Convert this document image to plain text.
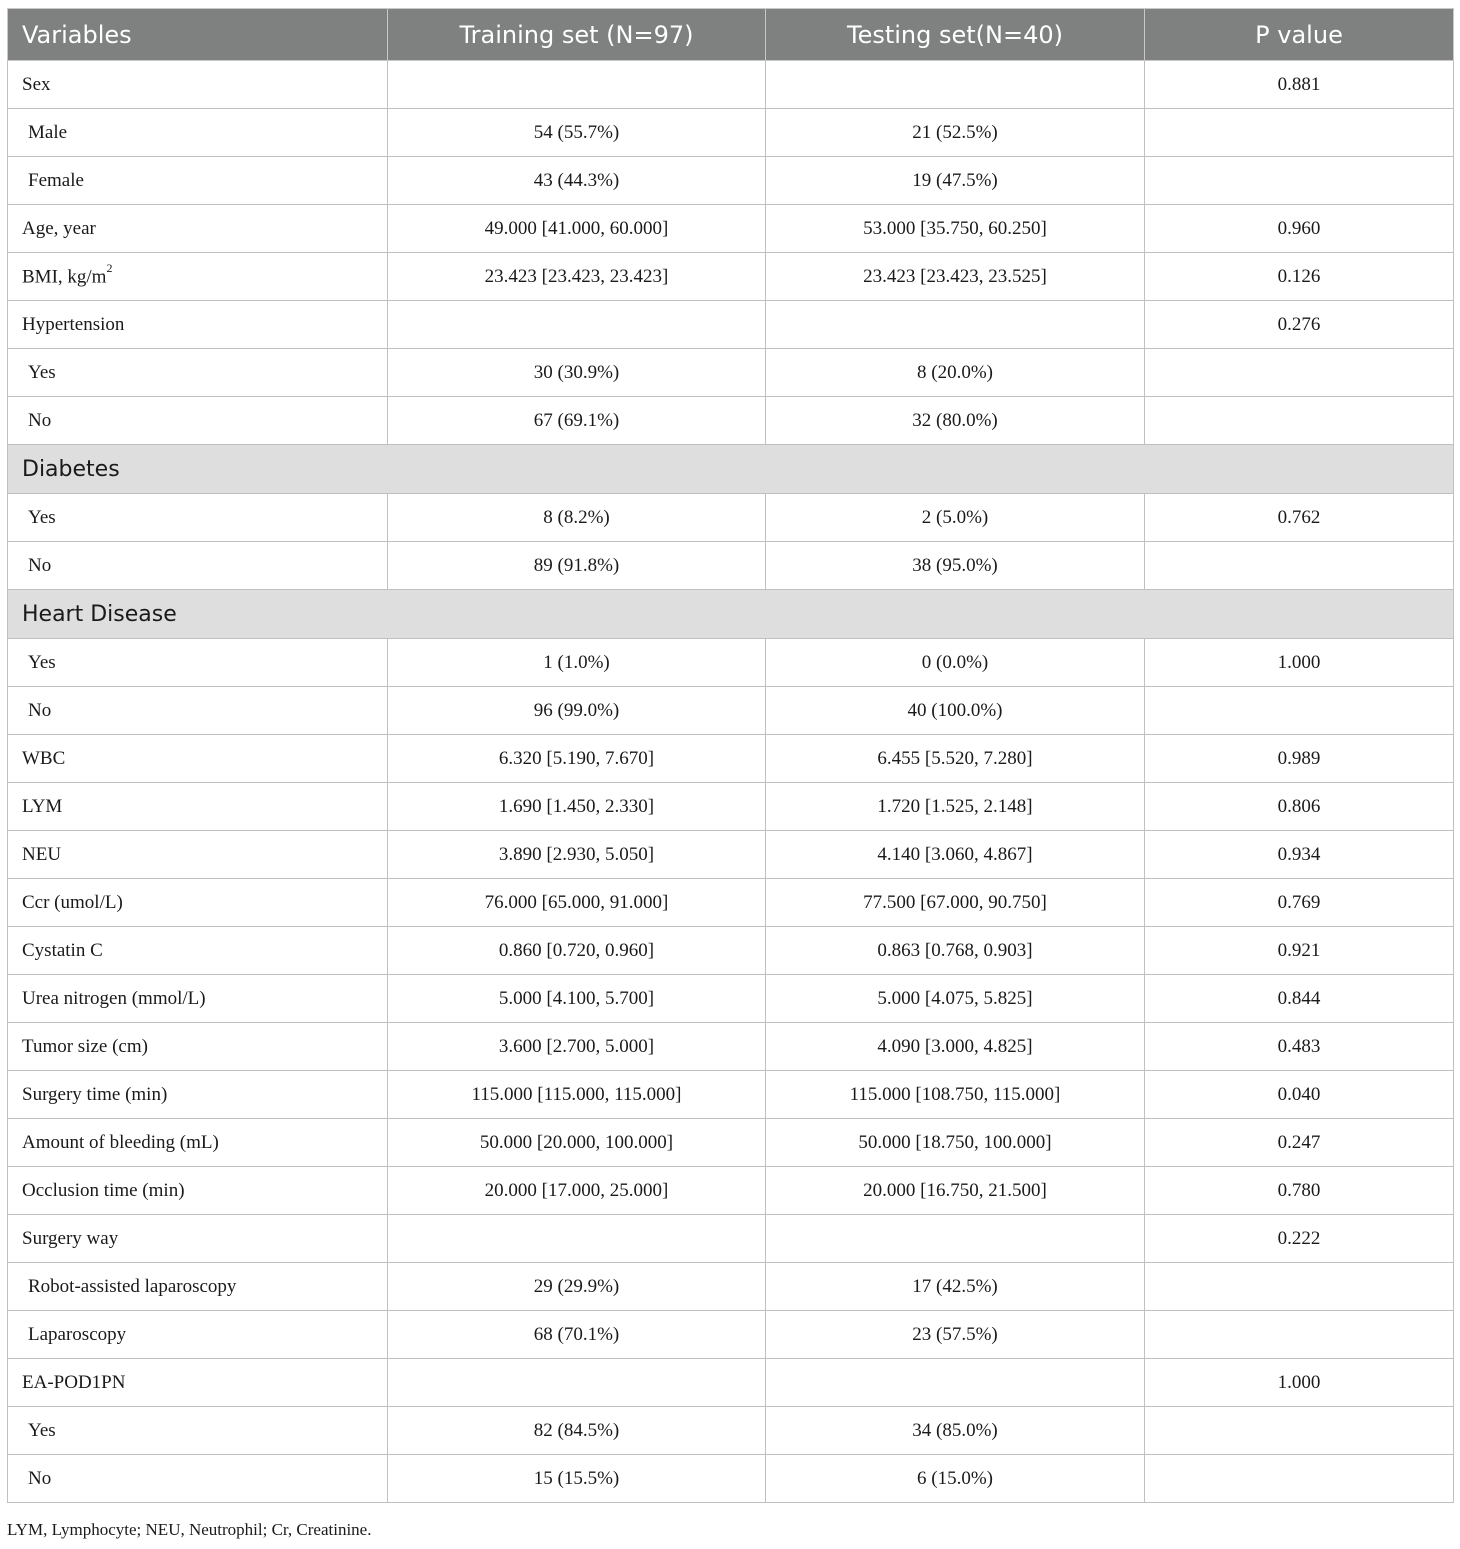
Variables	Training set (N=97)	Testing set(N=40)	P value
Sex			0.881
Male	54 (55.7%)	21 (52.5%)	
Female	43 (44.3%)	19 (47.5%)	
Age, year	49.000 [41.000, 60.000]	53.000 [35.750, 60.250]	0.960
BMI, $kg/m^2$	23.423 [23.423, 23.423]	23.423 [23.423, 23.525]	0.126
Hypertension			0.276
Yes	30 (30.9%)	8 (20.0%)	
No	67 (69.1%)	32 (80.0%)	
Diabetes			
Yes	8 (8.2%)	2 (5.0%)	0.762
No	89 (91.8%)	38 (95.0%)	
Heart Disease			
Yes	1 (1.0%)	0 (0.0%)	1.000
No	96 (99.0%)	40 (100.0%)	
WBC	6.320 [5.190, 7.670]	6.455 [5.520, 7.280]	0.989
LYM	1.690 [1.450, 2.330]	1.720 [1.525, 2.148]	0.806
NEU	3.890 [2.930, 5.050]	4.140 [3.060, 4.867]	0.934
Ccr (umol/L)	76.000 [65.000, 91.000]	77.500 [67.000, 90.750]	0.769
Cystatin C	0.860 [0.720, 0.960]	0.863 [0.768, 0.903]	0.921
Urea nitrogen (mmol/L)	5.000 [4.100, 5.700]	5.000 [4.075, 5.825]	0.844
Tumor size (cm)	3.600 [2.700, 5.000]	4.090 [3.000, 4.825]	0.483
Surgery time (min)	115.000 [115.000, 115.000]	115.000 [108.750, 115.000]	0.040
Amount of bleeding (mL)	50.000 [20.000, 100.000]	50.000 [18.750, 100.000]	0.247
Occlusion time (min)	20.000 [17.000, 25.000]	20.000 [16.750, 21.500]	0.780
Surgery way			0.222
Robot-assisted laparoscopy	29 (29.9%)	17 (42.5%)	
Laparoscopy	68 (70.1%)	23 (57.5%)	
EA-POD1PN			1.000
Yes	82 (84.5%)	34 (85.0%)	
No	15 (15.5%)	6 (15.0%)	
LYM, Lymphocyte; NEU, Neutrophil; Cr, Creatinine.
